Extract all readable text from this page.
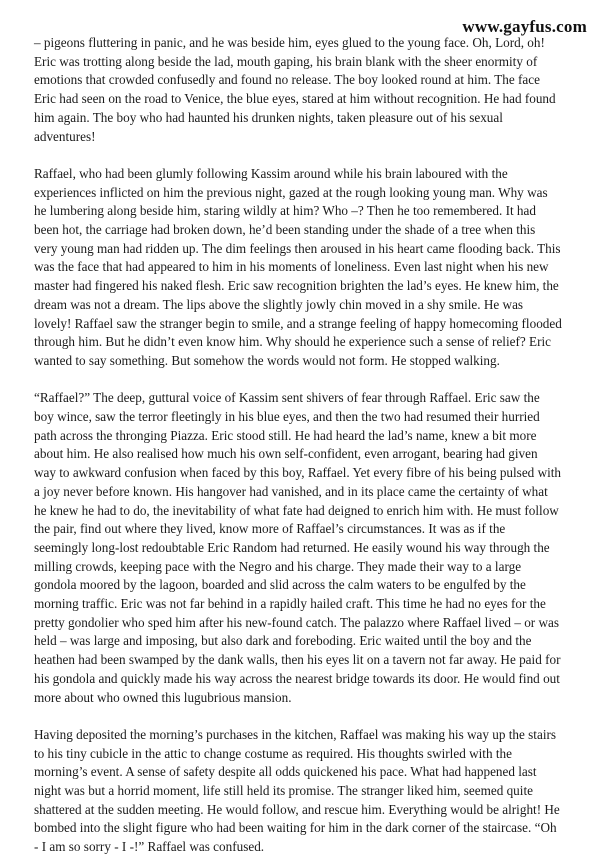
www.gayfus.com

– pigeons fluttering in panic, and he was beside him, eyes glued to the young face. Oh, Lord, oh! Eric was trotting along beside the lad, mouth gaping, his brain blank with the sheer enormity of emotions that crowded confusedly and found no release. The boy looked round at him. The face Eric had seen on the road to Venice, the blue eyes, stared at him without recognition. He had found him again. The boy who had haunted his drunken nights, taken pleasure out of his sexual adventures!

Raffael, who had been glumly following Kassim around while his brain laboured with the experiences inflicted on him the previous night, gazed at the rough looking young man. Why was he lumbering along beside him, staring wildly at him? Who –? Then he too remembered. It had been hot, the carriage had broken down, he’d been standing under the shade of a tree when this very young man had ridden up. The dim feelings then aroused in his heart came flooding back. This was the face that had appeared to him in his moments of loneliness. Even last night when his new master had fingered his naked flesh. Eric saw recognition brighten the lad’s eyes. He knew him, the dream was not a dream. The lips above the slightly jowly chin moved in a shy smile. He was lovely! Raffael saw the stranger begin to smile, and a strange feeling of happy homecoming flooded through him. But he didn’t even know him. Why should he experience such a sense of relief? Eric wanted to say something. But somehow the words would not form. He stopped walking.

“Raffael?” The deep, guttural voice of Kassim sent shivers of fear through Raffael. Eric saw the boy wince, saw the terror fleetingly in his blue eyes, and then the two had resumed their hurried path across the thronging Piazza. Eric stood still. He had heard the lad’s name, knew a bit more about him. He also realised how much his own self-confident, even arrogant, bearing had given way to awkward confusion when faced by this boy, Raffael. Yet every fibre of his being pulsed with a joy never before known. His hangover had vanished, and in its place came the certainty of what he knew he had to do, the inevitability of what fate had deigned to enrich him with. He must follow the pair, find out where they lived, know more of Raffael’s circumstances. It was as if the seemingly long-lost redoubtable Eric Random had returned. He easily wound his way through the milling crowds, keeping pace with the Negro and his charge. They made their way to a large gondola moored by the lagoon, boarded and slid across the calm waters to be engulfed by the morning traffic. Eric was not far behind in a rapidly hailed craft. This time he had no eyes for the pretty gondolier who sped him after his new-found catch. The palazzo where Raffael lived – or was held – was large and imposing, but also dark and foreboding. Eric waited until the boy and the heathen had been swamped by the dank walls, then his eyes lit on a tavern not far away. He paid for his gondola and quickly made his way across the nearest bridge towards its door. He would find out more about who owned this lugubrious mansion.

Having deposited the morning’s purchases in the kitchen, Raffael was making his way up the stairs to his tiny cubicle in the attic to change costume as required. His thoughts swirled with the morning’s event. A sense of safety despite all odds quickened his pace. What had happened last night was but a horrid moment, life still held its promise. The stranger liked him, seemed quite shattered at the sudden meeting. He would follow, and rescue him. Everything would be alright! He bombed into the slight figure who had been waiting for him in the dark corner of the staircase. “Oh - I am so sorry - I -!” Raffael was confused.
